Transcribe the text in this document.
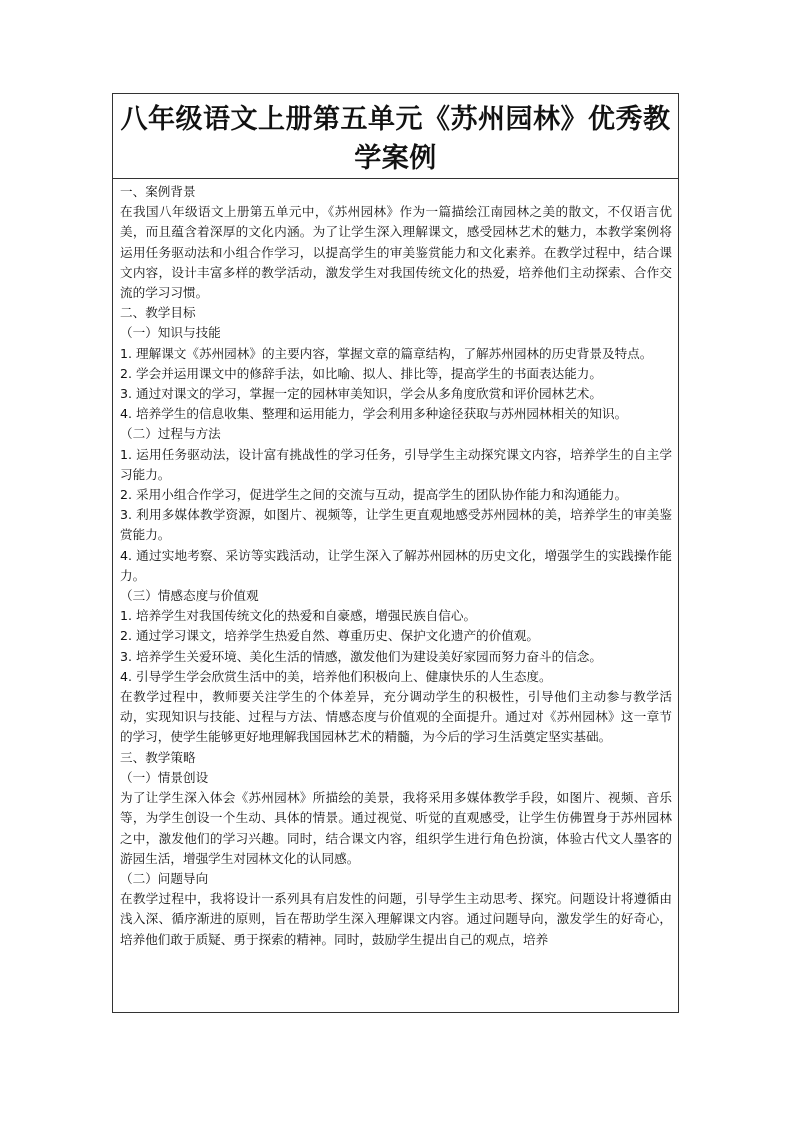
八年级语文上册第五单元《苏州园林》优秀教学案例

一、案例背景

在我国八年级语文上册第五单元中，《苏州园林》作为一篇描绘江南园林之美的散文，不仅语言优美，而且蕴含着深厚的文化内涵。为了让学生深入理解课文，感受园林艺术的魅力，本教学案例将运用任务驱动法和小组合作学习，以提高学生的审美鉴赏能力和文化素养。在教学过程中，结合课文内容，设计丰富多样的教学活动，激发学生对我国传统文化的热爱，培养他们主动探索、合作交流的学习习惯。

二、教学目标

（一）知识与技能

1. 理解课文《苏州园林》的主要内容，掌握文章的篇章结构，了解苏州园林的历史背景及特点。

2. 学会并运用课文中的修辞手法，如比喻、拟人、排比等，提高学生的书面表达能力。

3. 通过对课文的学习，掌握一定的园林审美知识，学会从多角度欣赏和评价园林艺术。

4. 培养学生的信息收集、整理和运用能力，学会利用多种途径获取与苏州园林相关的知识。

（二）过程与方法

1. 运用任务驱动法，设计富有挑战性的学习任务，引导学生主动探究课文内容，培养学生的自主学习能力。

2. 采用小组合作学习，促进学生之间的交流与互动，提高学生的团队协作能力和沟通能力。

3. 利用多媒体教学资源，如图片、视频等，让学生更直观地感受苏州园林的美，培养学生的审美鉴赏能力。

4. 通过实地考察、采访等实践活动，让学生深入了解苏州园林的历史文化，增强学生的实践操作能力。

（三）情感态度与价值观

1. 培养学生对我国传统文化的热爱和自豪感，增强民族自信心。

2. 通过学习课文，培养学生热爱自然、尊重历史、保护文化遗产的价值观。

3. 培养学生关爱环境、美化生活的情感，激发他们为建设美好家园而努力奋斗的信念。

4. 引导学生学会欣赏生活中的美，培养他们积极向上、健康快乐的人生态度。

在教学过程中，教师要关注学生的个体差异，充分调动学生的积极性，引导他们主动参与教学活动，实现知识与技能、过程与方法、情感态度与价值观的全面提升。通过对《苏州园林》这一章节的学习，使学生能够更好地理解我国园林艺术的精髓，为今后的学习生活奠定坚实基础。

三、教学策略

（一）情景创设

为了让学生深入体会《苏州园林》所描绘的美景，我将采用多媒体教学手段，如图片、视频、音乐等，为学生创设一个生动、具体的情景。通过视觉、听觉的直观感受，让学生仿佛置身于苏州园林之中，激发他们的学习兴趣。同时，结合课文内容，组织学生进行角色扮演，体验古代文人墨客的游园生活，增强学生对园林文化的认同感。

（二）问题导向

在教学过程中，我将设计一系列具有启发性的问题，引导学生主动思考、探究。问题设计将遵循由浅入深、循序渐进的原则，旨在帮助学生深入理解课文内容。通过问题导向，激发学生的好奇心，培养他们敢于质疑、勇于探索的精神。同时，鼓励学生提出自己的观点，培养
